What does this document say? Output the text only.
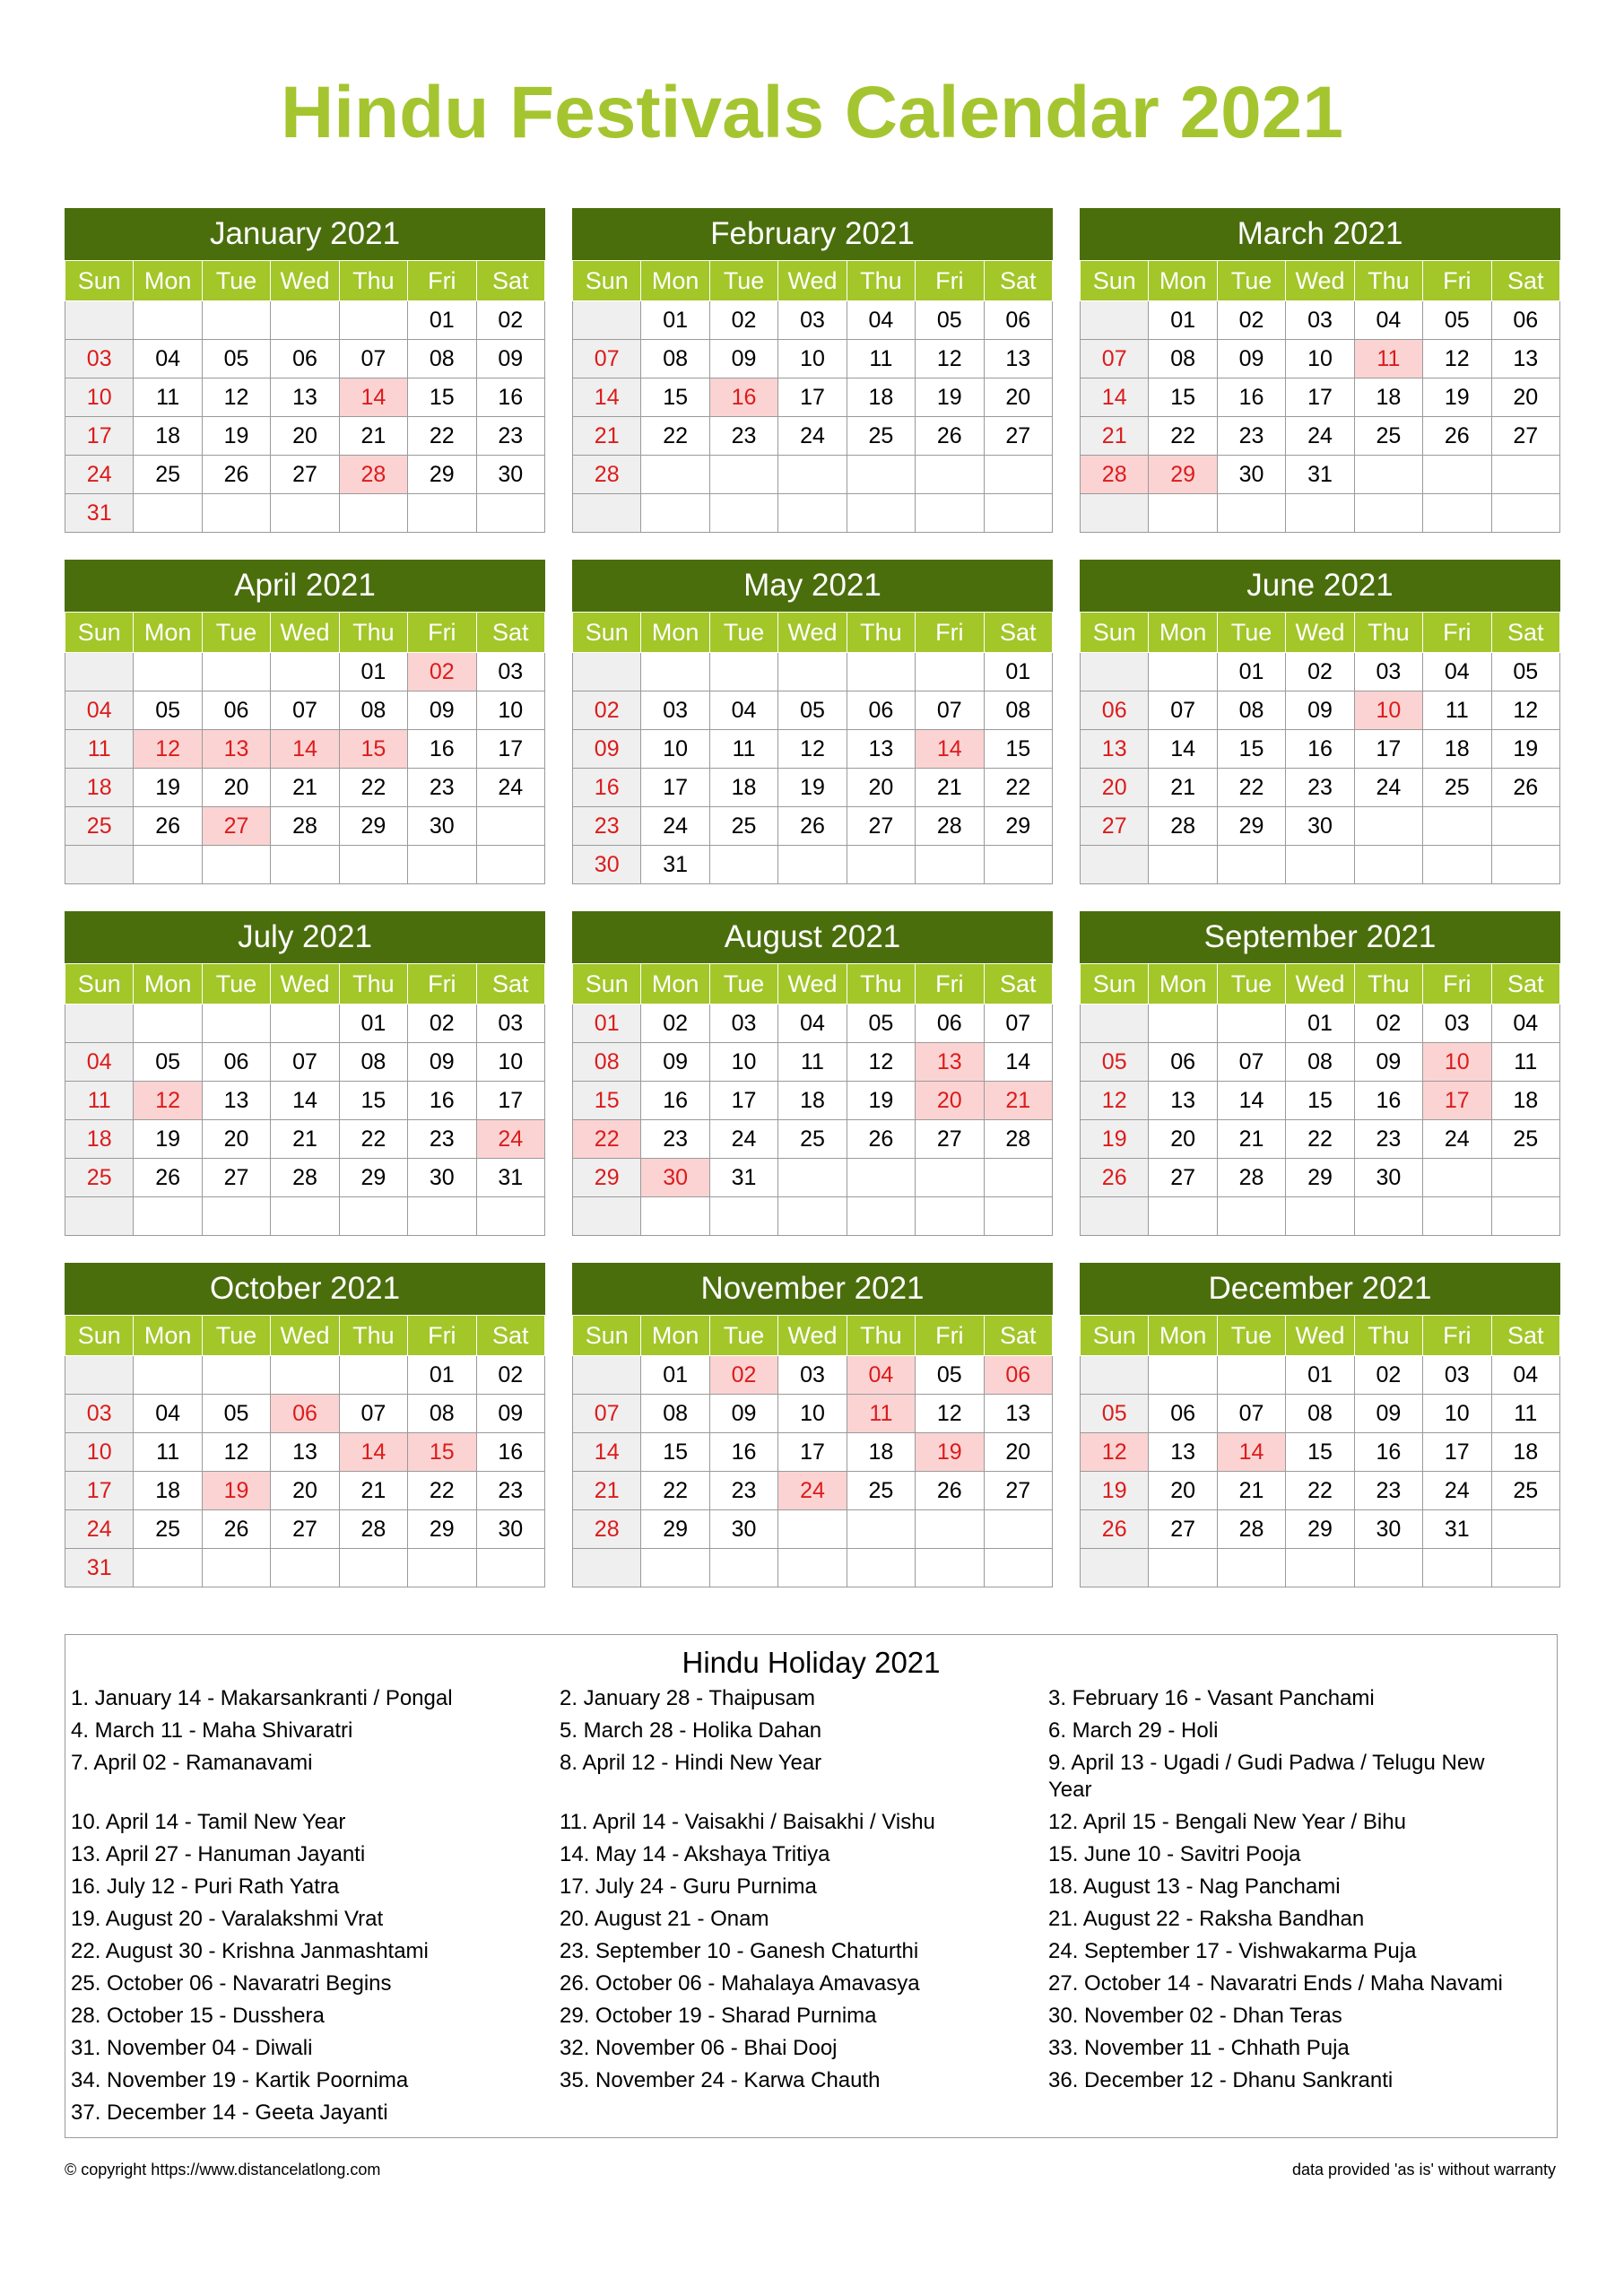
Hindu Festivals Calendar 2021
January 2021
Sun	Mon	Tue	Wed	Thu	Fri	Sat
					01	02
03	04	05	06	07	08	09
10	11	12	13	14	15	16
17	18	19	20	21	22	23
24	25	26	27	28	29	30
31						
February 2021
Sun	Mon	Tue	Wed	Thu	Fri	Sat
	01	02	03	04	05	06
07	08	09	10	11	12	13
14	15	16	17	18	19	20
21	22	23	24	25	26	27
28						

March 2021
Sun	Mon	Tue	Wed	Thu	Fri	Sat
	01	02	03	04	05	06
07	08	09	10	11	12	13
14	15	16	17	18	19	20
21	22	23	24	25	26	27
28	29	30	31			

April 2021
Sun	Mon	Tue	Wed	Thu	Fri	Sat
				01	02	03
04	05	06	07	08	09	10
11	12	13	14	15	16	17
18	19	20	21	22	23	24
25	26	27	28	29	30	

May 2021
Sun	Mon	Tue	Wed	Thu	Fri	Sat
						01
02	03	04	05	06	07	08
09	10	11	12	13	14	15
16	17	18	19	20	21	22
23	24	25	26	27	28	29
30	31					
June 2021
Sun	Mon	Tue	Wed	Thu	Fri	Sat
		01	02	03	04	05
06	07	08	09	10	11	12
13	14	15	16	17	18	19
20	21	22	23	24	25	26
27	28	29	30			

July 2021
Sun	Mon	Tue	Wed	Thu	Fri	Sat
				01	02	03
04	05	06	07	08	09	10
11	12	13	14	15	16	17
18	19	20	21	22	23	24
25	26	27	28	29	30	31

August 2021
Sun	Mon	Tue	Wed	Thu	Fri	Sat
01	02	03	04	05	06	07
08	09	10	11	12	13	14
15	16	17	18	19	20	21
22	23	24	25	26	27	28
29	30	31				

September 2021
Sun	Mon	Tue	Wed	Thu	Fri	Sat
			01	02	03	04
05	06	07	08	09	10	11
12	13	14	15	16	17	18
19	20	21	22	23	24	25
26	27	28	29	30		

October 2021
Sun	Mon	Tue	Wed	Thu	Fri	Sat
					01	02
03	04	05	06	07	08	09
10	11	12	13	14	15	16
17	18	19	20	21	22	23
24	25	26	27	28	29	30
31						
November 2021
Sun	Mon	Tue	Wed	Thu	Fri	Sat
	01	02	03	04	05	06
07	08	09	10	11	12	13
14	15	16	17	18	19	20
21	22	23	24	25	26	27
28	29	30				

December 2021
Sun	Mon	Tue	Wed	Thu	Fri	Sat
			01	02	03	04
05	06	07	08	09	10	11
12	13	14	15	16	17	18
19	20	21	22	23	24	25
26	27	28	29	30	31	

Hindu Holiday 2021
1. January 14 - Makarsankranti / Pongal	2. January 28 - Thaipusam	3. February 16 - Vasant Panchami
4. March 11 - Maha Shivaratri	5. March 28 - Holika Dahan	6. March 29 - Holi
7. April 02 - Ramanavami	8. April 12 - Hindi New Year	9. April 13 - Ugadi / Gudi Padwa / Telugu New Year
10. April 14 - Tamil New Year	11. April 14 - Vaisakhi / Baisakhi / Vishu	12. April 15 - Bengali New Year / Bihu
13. April 27 - Hanuman Jayanti	14. May 14 - Akshaya Tritiya	15. June 10 - Savitri Pooja
16. July 12 - Puri Rath Yatra	17. July 24 - Guru Purnima	18. August 13 - Nag Panchami
19. August 20 - Varalakshmi Vrat	20. August 21 - Onam	21. August 22 - Raksha Bandhan
22. August 30 - Krishna Janmashtami	23. September 10 - Ganesh Chaturthi	24. September 17 - Vishwakarma Puja
25. October 06 - Navaratri Begins	26. October 06 - Mahalaya Amavasya	27. October 14 - Navaratri Ends / Maha Navami
28. October 15 - Dusshera	29. October 19 - Sharad Purnima	30. November 02 - Dhan Teras
31. November 04 - Diwali	32. November 06 - Bhai Dooj	33. November 11 - Chhath Puja
34. November 19 - Kartik Poornima	35. November 24 - Karwa Chauth	36. December 12 - Dhanu Sankranti
37. December 14 - Geeta Jayanti
© copyright https://www.distancelatlong.com	data provided 'as is' without warranty
